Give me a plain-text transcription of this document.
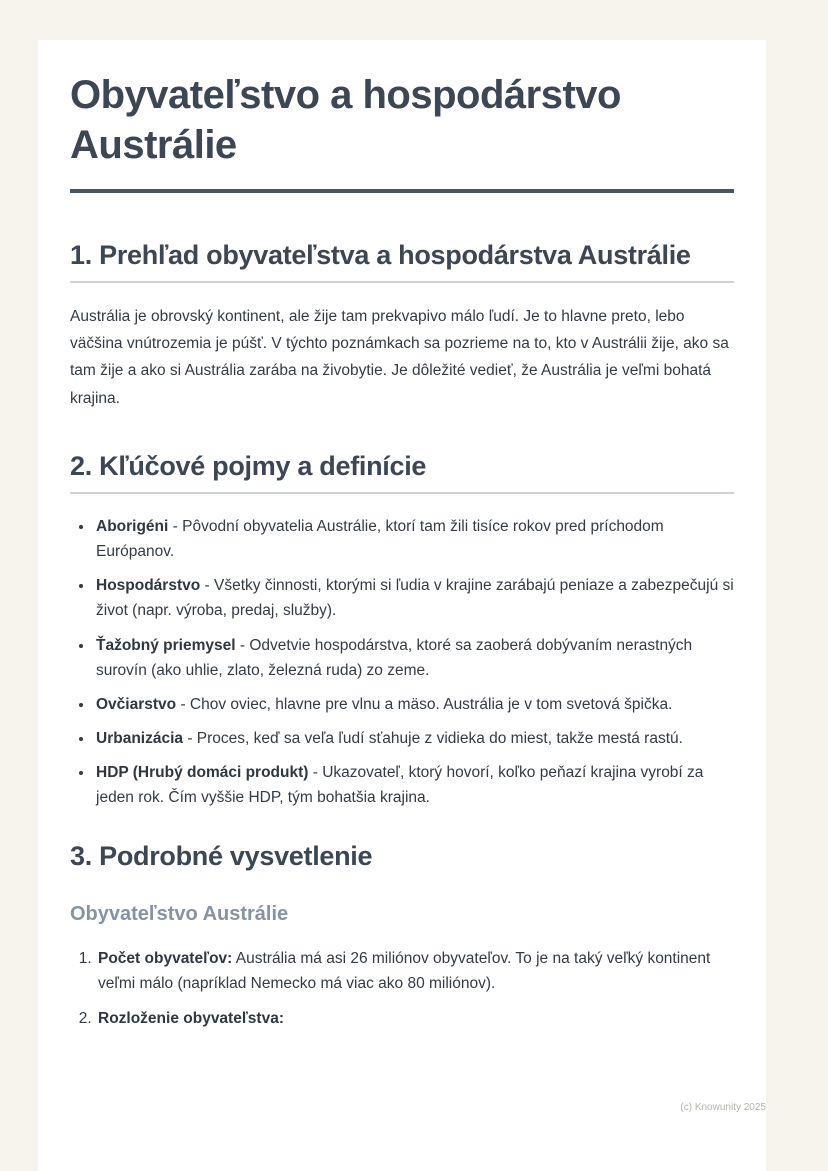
Obyvateľstvo a hospodárstvo Austrálie
1. Prehľad obyvateľstva a hospodárstva Austrálie

Austrália je obrovský kontinent, ale žije tam prekvapivo málo ľudí. Je to hlavne preto, lebo väčšina vnútrozemia je púšť. V týchto poznámkach sa pozrieme na to, kto v Austrálii žije, ako sa tam žije a ako si Austrália zarába na živobytie. Je dôležité vedieť, že Austrália je veľmi bohatá krajina.

2. Kľúčové pojmy a definície
• Aborigéni - Pôvodní obyvatelia Austrálie, ktorí tam žili tisíce rokov pred príchodom Európanov.
• Hospodárstvo - Všetky činnosti, ktorými si ľudia v krajine zarábajú peniaze a zabezpečujú si život (napr. výroba, predaj, služby).
• Ťažobný priemysel - Odvetvie hospodárstva, ktoré sa zaoberá dobývaním nerastných surovín (ako uhlie, zlato, železná ruda) zo zeme.
• Ovčiarstvo - Chov oviec, hlavne pre vlnu a mäso. Austrália je v tom svetová špička.
• Urbanizácia - Proces, keď sa veľa ľudí sťahuje z vidieka do miest, takže mestá rastú.
• HDP (Hrubý domáci produkt) - Ukazovateľ, ktorý hovorí, koľko peňazí krajina vyrobí za jeden rok. Čím vyššie HDP, tým bohatšia krajina.
3. Podrobné vysvetlenie
Obyvateľstvo Austrálie
1. Počet obyvateľov: Austrália má asi 26 miliónov obyvateľov. To je na taký veľký kontinent veľmi málo (napríklad Nemecko má viac ako 80 miliónov).
2. Rozloženie obyvateľstva:
(c) Knowunity 2025
